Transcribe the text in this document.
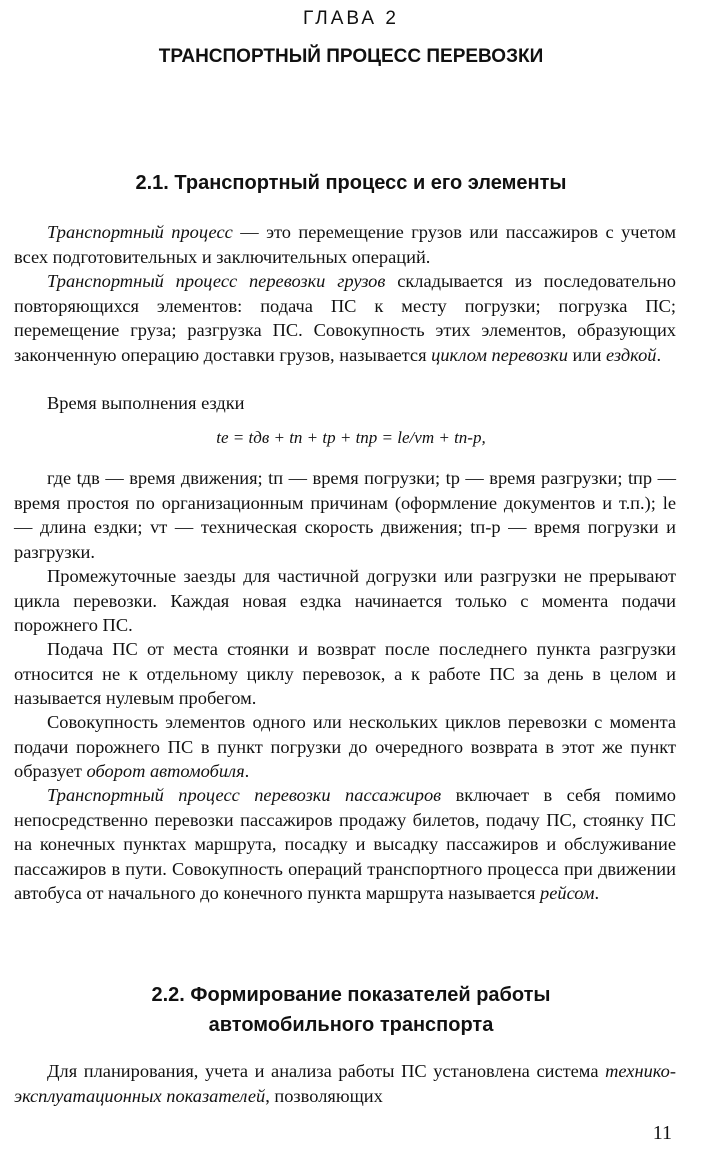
ГЛАВА 2
ТРАНСПОРТНЫЙ ПРОЦЕСС ПЕРЕВОЗКИ
2.1. Транспортный процесс и его элементы

Транспортный процесс — это перемещение грузов или пассажиров с учетом всех подготовительных и заключительных операций.

Транспортный процесс перевозки грузов складывается из последовательно повторяющихся элементов: подача ПС к месту погрузки; погрузка ПС; перемещение груза; разгрузка ПС. Совокупность этих элементов, образующих законченную операцию доставки грузов, называется циклом перевозки или ездкой.

Время выполнения ездки

tе = tдв + tп + tр + tпр = lе/vт + tп-р,

где tдв — время движения; tп — время погрузки; tр — время разгрузки; tпр — время простоя по организационным причинам (оформление документов и т.п.); lе — длина ездки; vт — техническая скорость движения; tп-р — время погрузки и разгрузки.

Промежуточные заезды для частичной догрузки или разгрузки не прерывают цикла перевозки. Каждая новая ездка начинается только с момента подачи порожнего ПС.

Подача ПС от места стоянки и возврат после последнего пункта разгрузки относится не к отдельному циклу перевозок, а к работе ПС за день в целом и называется нулевым пробегом.

Совокупность элементов одного или нескольких циклов перевозки с момента подачи порожнего ПС в пункт погрузки до очередного возврата в этот же пункт образует оборот автомобиля.

Транспортный процесс перевозки пассажиров включает в себя помимо непосредственно перевозки пассажиров продажу билетов, подачу ПС, стоянку ПС на конечных пунктах маршрута, посадку и высадку пассажиров и обслуживание пассажиров в пути. Совокупность операций транспортного процесса при движении автобуса от начального до конечного пункта маршрута называется рейсом.

2.2. Формирование показателей работы
автомобильного транспорта

Для планирования, учета и анализа работы ПС установлена система технико-эксплуатационных показателей, позволяющих

11
